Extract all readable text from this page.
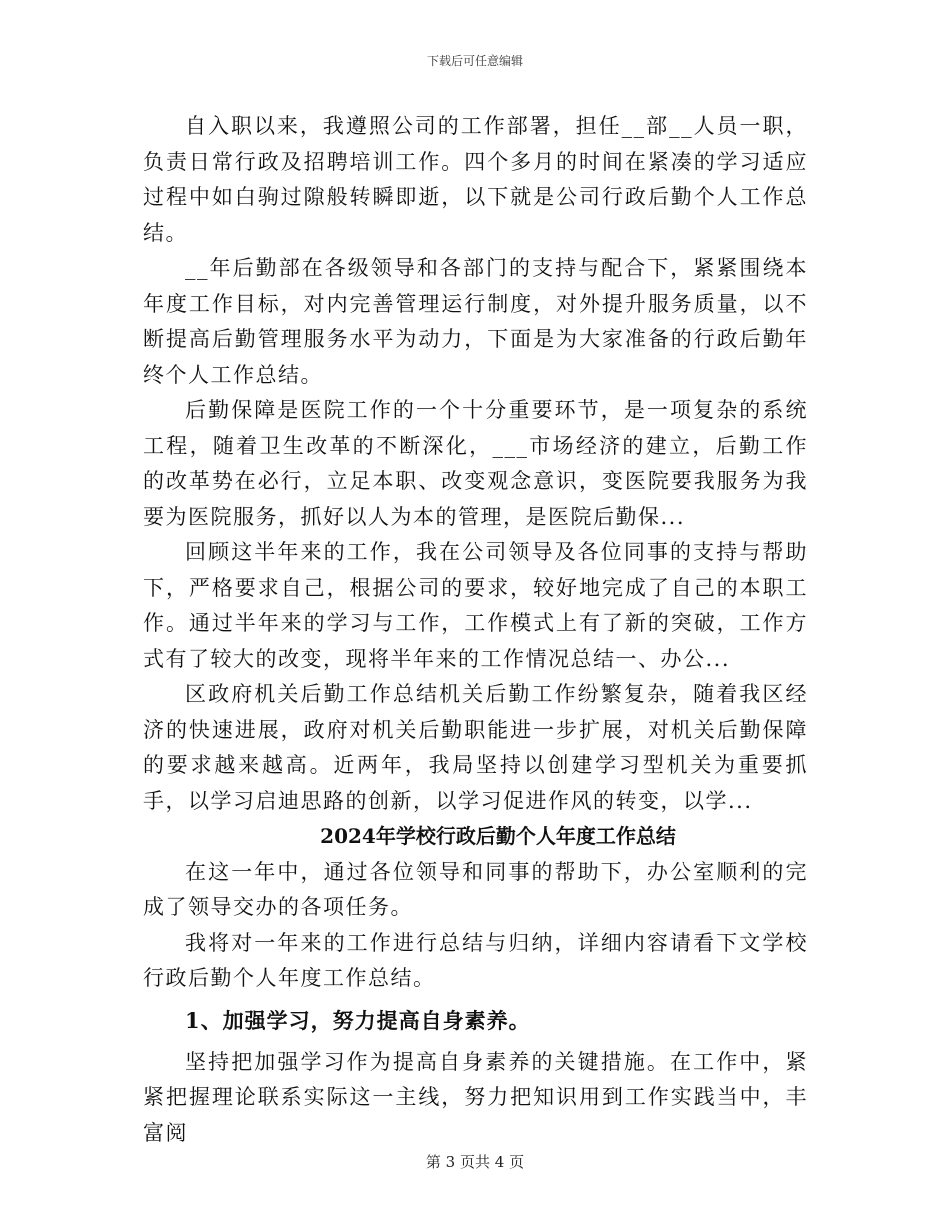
下载后可任意编辑

自入职以来，我遵照公司的工作部署，担任__部__人员一职，负责日常行政及招聘培训工作。四个多月的时间在紧凑的学习适应过程中如白驹过隙般转瞬即逝，以下就是公司行政后勤个人工作总结。

__年后勤部在各级领导和各部门的支持与配合下，紧紧围绕本年度工作目标，对内完善管理运行制度，对外提升服务质量，以不断提高后勤管理服务水平为动力，下面是为大家准备的行政后勤年终个人工作总结。

后勤保障是医院工作的一个十分重要环节，是一项复杂的系统工程，随着卫生改革的不断深化，___市场经济的建立，后勤工作的改革势在必行，立足本职、改变观念意识，变医院要我服务为我要为医院服务，抓好以人为本的管理，是医院后勤保...

回顾这半年来的工作，我在公司领导及各位同事的支持与帮助下，严格要求自己，根据公司的要求，较好地完成了自己的本职工作。通过半年来的学习与工作，工作模式上有了新的突破，工作方式有了较大的改变，现将半年来的工作情况总结一、办公...

区政府机关后勤工作总结机关后勤工作纷繁复杂，随着我区经济的快速进展，政府对机关后勤职能进一步扩展，对机关后勤保障的要求越来越高。近两年，我局坚持以创建学习型机关为重要抓手，以学习启迪思路的创新，以学习促进作风的转变，以学...

2024年学校行政后勤个人年度工作总结

在这一年中，通过各位领导和同事的帮助下，办公室顺利的完成了领导交办的各项任务。

我将对一年来的工作进行总结与归纳，详细内容请看下文学校行政后勤个人年度工作总结。

1、加强学习，努力提高自身素养。

坚持把加强学习作为提高自身素养的关键措施。在工作中，紧紧把握理论联系实际这一主线，努力把知识用到工作实践当中，丰富阅

第 3 页共 4 页
